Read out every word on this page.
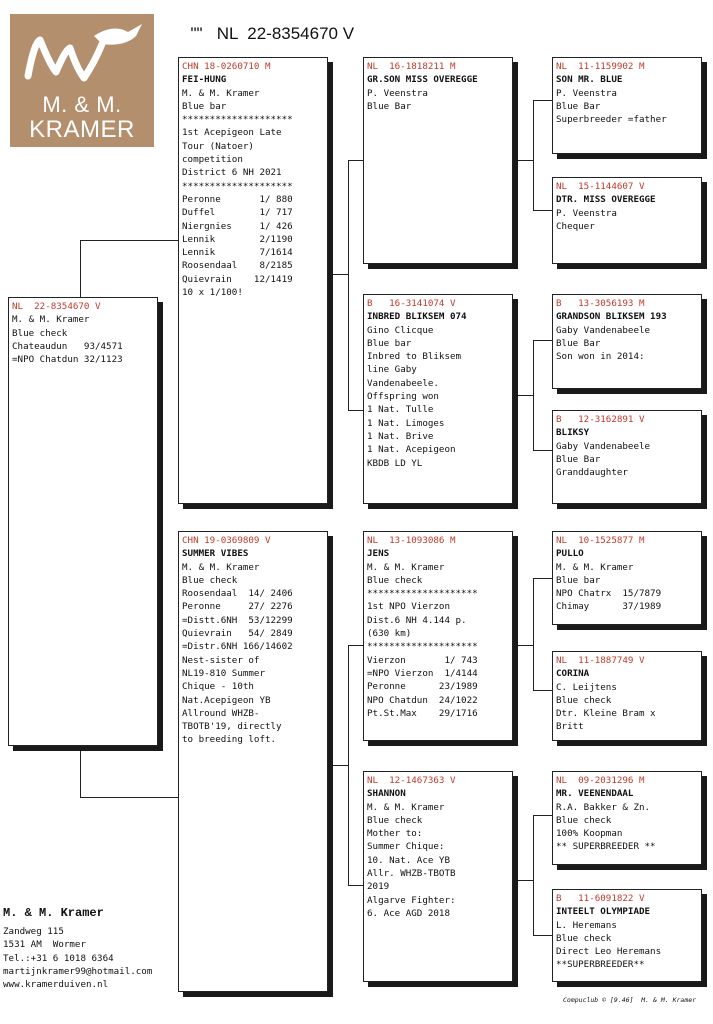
"" NL  22-8354670 V

M. & M.
KRAMER
NL  22-8354670 V
M. & M. Kramer
Blue check
Chateaudun   93/4571
=NPO Chatdun 32/1123
CHN 18-0260710 M
FEI-HUNG
M. & M. Kramer
Blue bar
********************
1st Acepigeon Late
Tour (Natoer)
competition
District 6 NH 2021
********************
Peronne       1/ 880
Duffel        1/ 717
Niergnies     1/ 426
Lennik        2/1190
Lennik        7/1614
Roosendaal    8/2185
Quievrain    12/1419
10 x 1/100!
CHN 19-0369809 V
SUMMER VIBES
M. & M. Kramer
Blue check
Roosendaal  14/ 2406
Peronne     27/ 2276
=Distt.6NH  53/12299
Quievrain   54/ 2849
=Distr.6NH 166/14602
Nest-sister of
NL19-810 Summer
Chique - 10th
Nat.Acepigeon YB
Allround WHZB-
TBOTB'19, directly
to breeding loft.
NL  16-1818211 M
GR.SON MISS OVEREGGE
P. Veenstra
Blue Bar
B   16-3141074 V
INBRED BLIKSEM 074
Gino Clicque
Blue bar
Inbred to Bliksem
line Gaby
Vandenabeele.
Offspring won
1 Nat. Tulle
1 Nat. Limoges
1 Nat. Brive
1 Nat. Acepigeon
KBDB LD YL
NL  13-1093086 M
JENS
M. & M. Kramer
Blue check
********************
1st NPO Vierzon
Dist.6 NH 4.144 p.
(630 km)
********************
Vierzon       1/ 743
=NPO Vierzon  1/4144
Peronne      23/1989
NPO Chatdun  24/1022
Pt.St.Max    29/1716
NL  12-1467363 V
SHANNON
M. & M. Kramer
Blue check
Mother to:
Summer Chique:
10. Nat. Ace YB
Allr. WHZB-TBOTB
2019
Algarve Fighter:
6. Ace AGD 2018
NL  11-1159902 M
SON MR. BLUE
P. Veenstra
Blue Bar
Superbreeder =father
NL  15-1144607 V
DTR. MISS OVEREGGE
P. Veenstra
Chequer
B   13-3056193 M
GRANDSON BLIKSEM 193
Gaby Vandenabeele
Blue Bar
Son won in 2014:
B   12-3162891 V
BLIKSY
Gaby Vandenabeele
Blue Bar
Granddaughter
NL  10-1525877 M
PULLO
M. & M. Kramer
Blue bar
NPO Chatrx  15/7879
Chimay      37/1989
NL  11-1887749 V
CORINA
C. Leijtens
Blue check
Dtr. Kleine Bram x
Britt
NL  09-2031296 M
MR. VEENENDAAL
R.A. Bakker & Zn.
Blue check
100% Koopman
** SUPERBREEDER **
B   11-6091822 V
INTEELT OLYMPIADE
L. Heremans
Blue check
Direct Leo Heremans
**SUPERBREEDER**
M. & M. Kramer
Zandweg 115
1531 AM  Wormer
Tel.:+31 6 1018 6364
martijnkramer99@hotmail.com
www.kramerduiven.nl
Compuclub © [9.46]  M. & M. Kramer
